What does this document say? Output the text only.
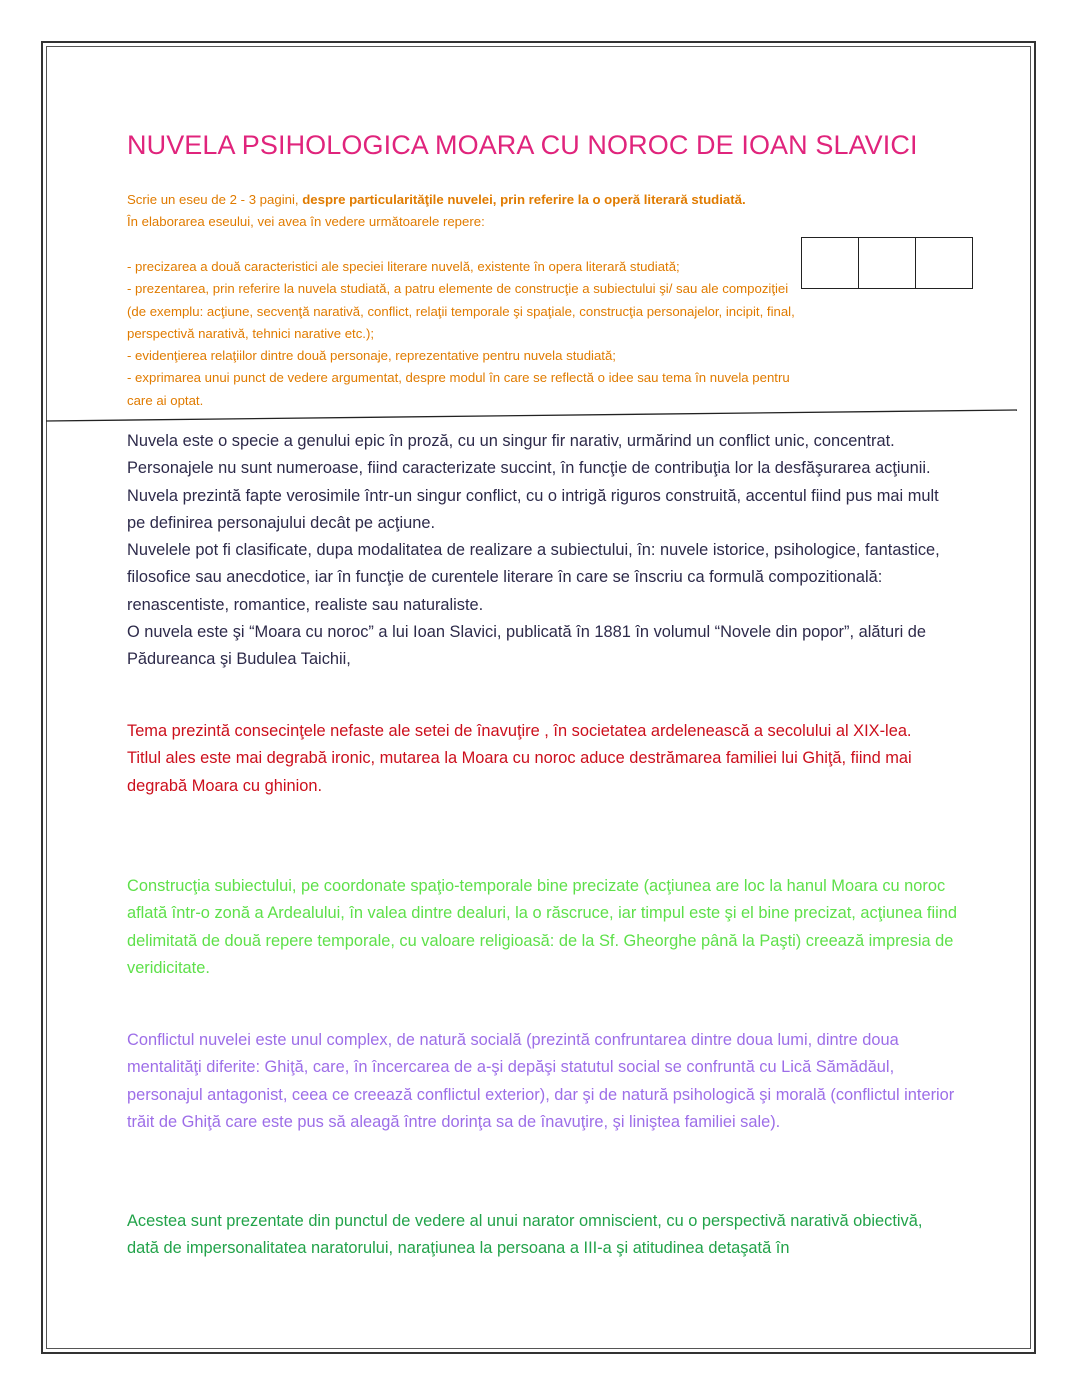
NUVELA PSIHOLOGICA MOARA CU NOROC DE IOAN SLAVICI

Scrie un eseu de 2 - 3 pagini, despre particularităţile nuvelei, prin referire la o operă literară studiată.

În elaborarea eseului, vei avea în vedere următoarele repere:

- precizarea a două caracteristici ale speciei literare nuvelă, existente în opera literară studiată;

- prezentarea, prin referire la nuvela studiată, a patru elemente de construcţie a subiectului şi/ sau ale compoziţiei (de exemplu: acţiune, secvenţă narativă, conflict, relaţii temporale şi spaţiale, construcţia personajelor, incipit, final, perspectivă narativă, tehnici narative etc.);

- evidenţierea relaţiilor dintre două personaje, reprezentative pentru nuvela studiată;

- exprimarea unui punct de vedere argumentat, despre modul în care se reflectă o idee sau tema în nuvela pentru care ai optat.

Nuvela este o specie a genului epic în proză, cu un singur fir narativ, urmărind un conflict unic, concentrat. Personajele nu sunt numeroase, fiind caracterizate succint, în funcţie de contribuţia lor la desfăşurarea acţiunii. Nuvela prezintă fapte verosimile într-un singur conflict, cu o intrigă riguros construită, accentul fiind pus mai mult pe definirea personajului decât pe acţiune.

Nuvelele pot fi clasificate, dupa modalitatea de realizare a subiectului, în: nuvele istorice, psihologice, fantastice, filosofice sau anecdotice, iar în funcţie de curentele literare în care se înscriu ca formulă compozitională: renascentiste, romantice, realiste sau naturaliste.

O nuvela este şi “Moara cu noroc” a lui Ioan Slavici, publicată în 1881 în volumul “Novele din popor”, alături de Pădureanca şi Budulea Taichii,

Tema prezintă consecinţele nefaste ale setei de înavuţire , în societatea ardelenească a secolului al XIX-lea.

Titlul ales este mai degrabă ironic, mutarea la Moara cu noroc aduce destrămarea familiei lui Ghiţă, fiind mai degrabă Moara cu ghinion.

Construcţia subiectului, pe coordonate spaţio-temporale bine precizate (acţiunea are loc la hanul Moara cu noroc aflată într-o zonă a Ardealului, în valea dintre dealuri, la o răscruce, iar timpul este şi el bine precizat, acţiunea fiind delimitată de două repere temporale, cu valoare religioasă: de la Sf. Gheorghe până la Paşti) creează impresia de veridicitate.

Conflictul nuvelei este unul complex, de natură socială (prezintă confruntarea dintre doua lumi, dintre doua mentalităţi diferite: Ghiţă, care, în încercarea de a-şi depăşi statutul social se confruntă cu Lică Sămădăul, personajul antagonist, ceea ce creează conflictul exterior), dar şi de natură psihologică şi morală (conflictul interior trăit de Ghiţă care este pus să aleagă între dorinţa sa de înavuţire, şi liniştea familiei sale).

Acestea sunt prezentate din punctul de vedere al unui narator omniscient, cu o perspectivă narativă obiectivă, dată de impersonalitatea naratorului, naraţiunea la persoana a III-a şi atitudinea detaşată în
